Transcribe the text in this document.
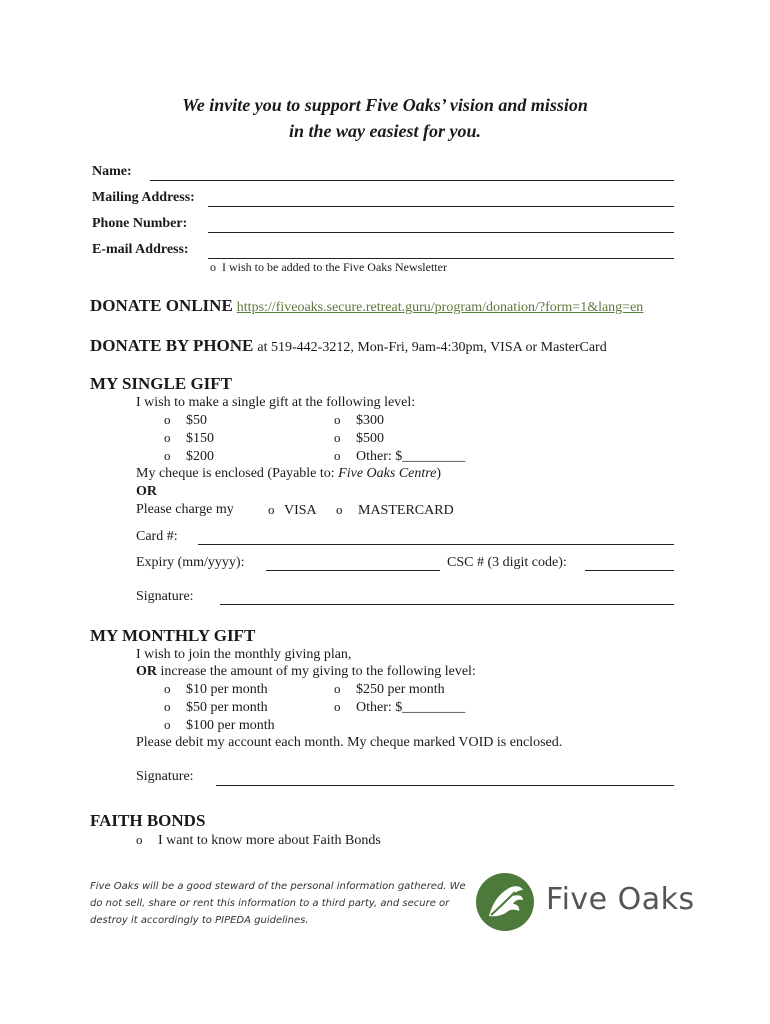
We invite you to support Five Oaks’ vision and mission
in the way easiest for you.
Name:
Mailing Address:
Phone Number:
E-mail Address:
o I wish to be added to the Five Oaks Newsletter
DONATE ONLINE https://fiveoaks.secure.retreat.guru/program/donation/?form=1&lang=en
DONATE BY PHONE at 519-442-3212, Mon-Fri, 9am-4:30pm, VISA or MasterCard
MY SINGLE GIFT
I wish to make a single gift at the following level:
o $50
o $150
o $200
o $300
o $500
o Other: $_________
My cheque is enclosed (Payable to: Five Oaks Centre)
OR
Please charge my	o VISA o MASTERCARD
Card #:
Expiry (mm/yyyy):	CSC # (3 digit code):
Signature:
MY MONTHLY GIFT
I wish to join the monthly giving plan,
OR increase the amount of my giving to the following level:
o $10 per month
o $50 per month
o $100 per month
o $250 per month
o Other: $_________
Please debit my account each month. My cheque marked VOID is enclosed.
Signature:
FAITH BONDS
o I want to know more about Faith Bonds
Five Oaks will be a good steward of the personal information gathered. We do not sell, share or rent this information to a third party, and secure or destroy it accordingly to PIPEDA guidelines.
Five Oaks
